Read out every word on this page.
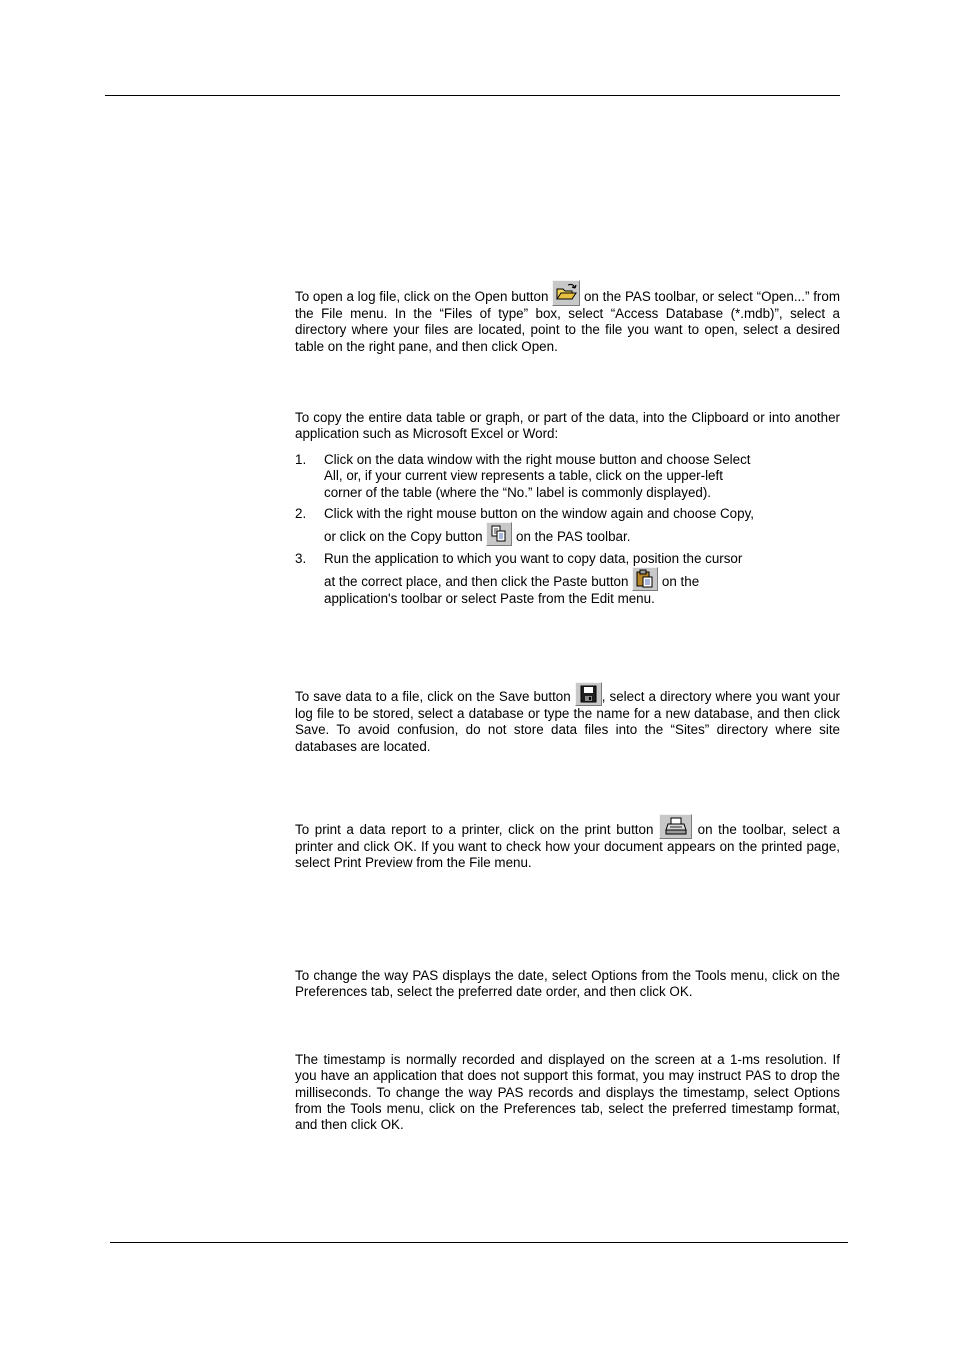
To open a log file, click on the Open button	on the PAS toolbar, or select “Open...” from the File menu. In the “Files of type” box, select “Access Database (*.mdb)”, select a directory where your files are located, point to the file you want to open, select a desired table on the right pane, and then click Open.

To copy the entire data table or graph, or part of the data, into the Clipboard or into another application such as Microsoft Excel or Word:

1. Click on the data window with the right mouse button and choose Select All, or, if your current view represents a table, click on the upper-left corner of the table (where the “No.” label is commonly displayed).
2. Click with the right mouse button on the window again and choose Copy, or click on the Copy button
on the PAS toolbar.
3. Run the application to which you want to copy data, position the cursor at the correct place, and then click the Paste button
on the application's toolbar or select Paste from the Edit menu.

To save data to a file, click on the Save button , select a directory where you want your log file to be stored, select a database or type the name for a new database, and then click Save. To avoid confusion, do not store data files into the “Sites” directory where site databases are located.

To print a data report to a printer, click on the print button	on the toolbar, select a printer and click OK. If you want to check how your document appears on the printed page, select Print Preview from the File menu.

To change the way PAS displays the date, select Options from the Tools menu, click on the Preferences tab, select the preferred date order, and then click OK.

The timestamp is normally recorded and displayed on the screen at a 1-ms resolution. If you have an application that does not support this format, you may instruct PAS to drop the milliseconds. To change the way PAS records and displays the timestamp, select Options from the Tools menu, click on the Preferences tab, select the preferred timestamp format, and then click OK.
